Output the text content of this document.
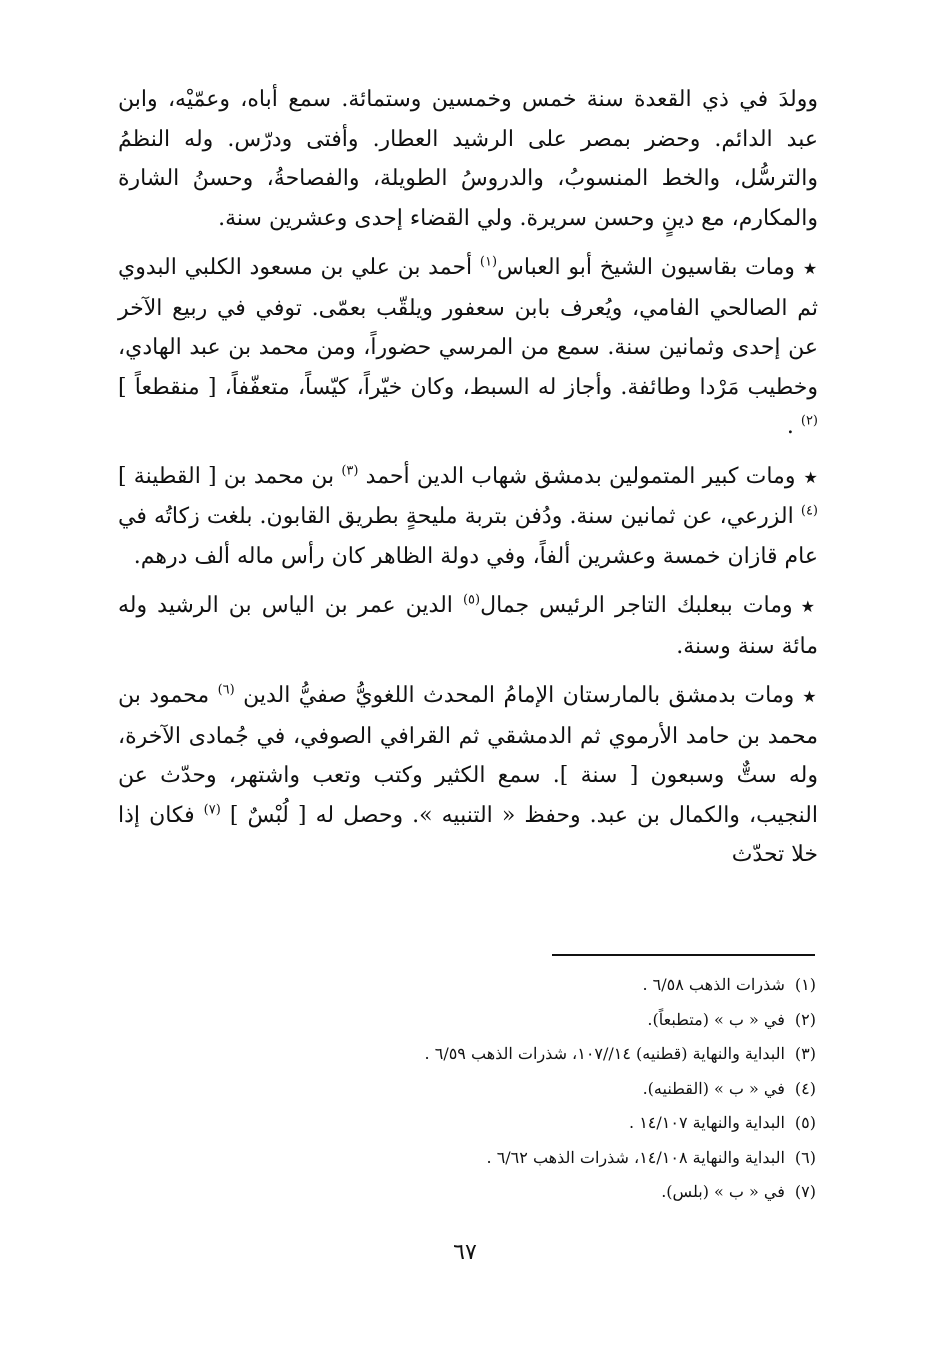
وولدَ في ذي القعدة سنة خمس وخمسين وستمائة. سمع أباه، وعمّيْه، وابن عبد الدائم. وحضر بمصر على الرشيد العطار. وأفتى ودرّس. وله النظمُ والترسُّل، والخط المنسوبُ، والدروسُ الطويلة، والفصاحةُ، وحسنُ الشارة والمكارم، مع دينٍ وحسن سريرة. ولي القضاء إحدى وعشرين سنة.

★ومات بقاسيون الشيخ أبو العباس$^{(١)}$ أحمد بن علي بن مسعود الكلبي البدوي ثم الصالحي الفامي، ويُعرف بابن سعفور ويلقّب بعمّى. توفي في ربيع الآخر عن إحدى وثمانين سنة. سمع من المرسي حضوراً، ومن محمد بن عبد الهادي، وخطيب مَرْدا وطائفة. وأجاز له السبط، وكان خيّراً، كيّساً، متعفّفاً، [ منقطعاً ] $^{(٢)}$ .

★ومات كبير المتمولين بدمشق شهاب الدين أحمد $^{(٣)}$ بن محمد بن [ القطينة ] $^{(٤)}$ الزرعي، عن ثمانين سنة. ودُفن بتربة مليحةٍ بطريق القابون. بلغت زكاتُه في عام قازان خمسة وعشرين ألفاً، وفي دولة الظاهر كان رأس ماله ألف درهم.

★ومات ببعلبك التاجر الرئيس جمال$^{(٥)}$ الدين عمر بن الياس بن الرشيد وله مائة سنة وسنة.

★ومات بدمشق بالمارستان الإمامُ المحدث اللغويُّ صفيُّ الدين $^{(٦)}$ محمود بن محمد بن حامد الأرموي ثم الدمشقي ثم القرافي الصوفي، في جُمادى الآخرة، وله ستٌّ وسبعون [ سنة ]. سمع الكثير وكتب وتعب واشتهر، وحدّث عن النجيب، والكمال بن عبد. وحفظ « التنبيه ». وحصل له [ لُبْسٌ ] $^{(٧)}$ فكان إذا خلا تحدّث

(١)شذرات الذهب ٦/٥٨ .

(٢)في « ب » (متطبعاً).

(٣)البداية والنهاية (قطنيه) ١٤//١٠٧، شذرات الذهب ٦/٥٩ .

(٤)في « ب » (القطنيه).

(٥)البداية والنهاية ١٤/١٠٧ .

(٦)البداية والنهاية ١٤/١٠٨، شذرات الذهب ٦/٦٢ .

(٧)في « ب » (بلس).

٦٧
